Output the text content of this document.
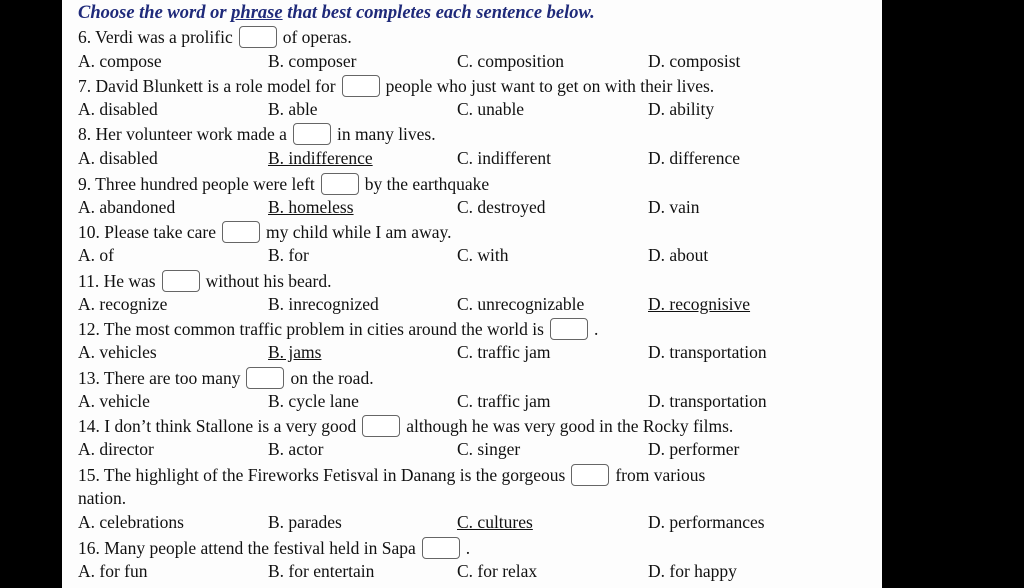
Choose the word or phrase that best completes each sentence below.
6. Verdi was a prolific	of operas.
A. compose	B. composer	C. composition	D. composist
7. David Blunkett is a role model for	people who just want to get on with their lives.
A. disabled	B. able	C. unable	D. ability
8. Her volunteer work made a	in many lives.
A. disabled	B. indifference	C. indifferent	D. difference
9. Three hundred people were left	by the earthquake
A. abandoned	B. homeless	C. destroyed	D. vain
10. Please take care	my child while I am away.
A. of	B. for	C. with	D. about
11. He was	without his beard.
A. recognize	B. inrecognized	C. unrecognizable	D. recognisive
12. The most common traffic problem in cities around the world is	.
A. vehicles	B. jams	C. traffic jam	D. transportation
13. There are too many	on the road.
A. vehicle	B. cycle lane	C. traffic jam	D. transportation
14. I don’t think Stallone is a very good	although he was very good in the Rocky films.
A. director	B. actor	C. singer	D. performer
15. The highlight of the Fireworks Fetisval in Danang is the gorgeous	from various
nation.
A. celebrations	B. parades	C. cultures	D. performances
16. Many people attend the festival held in Sapa	.
A. for fun	B. for entertain	C. for relax	D. for happy
